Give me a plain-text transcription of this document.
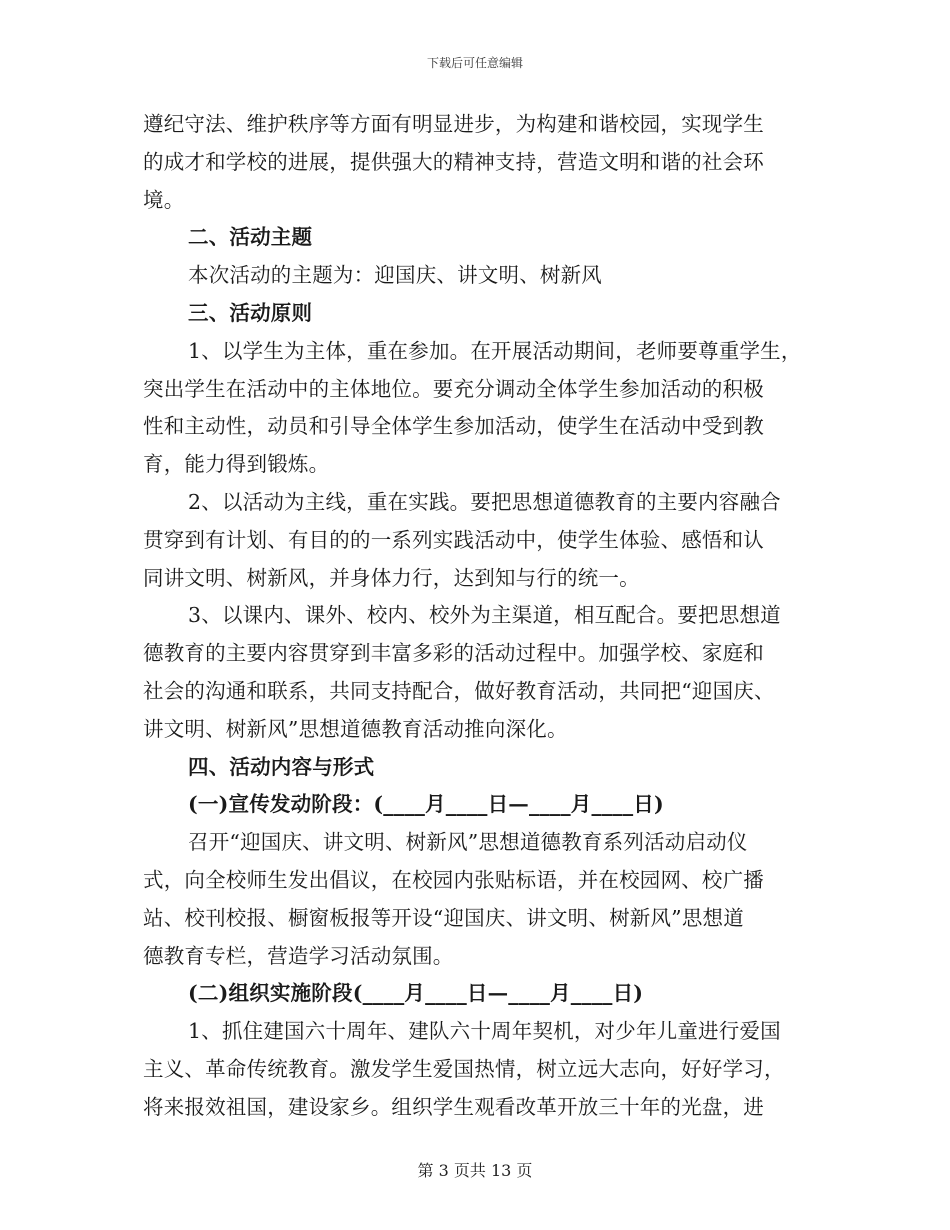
下载后可任意编辑
遵纪守法、维护秩序等方面有明显进步，为构建和谐校园，实现学生
的成才和学校的进展，提供强大的精神支持，营造文明和谐的社会环
境。
二、活动主题
本次活动的主题为：迎国庆、讲文明、树新风
三、活动原则
1、以学生为主体，重在参加。在开展活动期间，老师要尊重学生，
突出学生在活动中的主体地位。要充分调动全体学生参加活动的积极
性和主动性，动员和引导全体学生参加活动，使学生在活动中受到教
育，能力得到锻炼。
2、以活动为主线，重在实践。要把思想道德教育的主要内容融合
贯穿到有计划、有目的的一系列实践活动中，使学生体验、感悟和认
同讲文明、树新风，并身体力行，达到知与行的统一。
3、以课内、课外、校内、校外为主渠道，相互配合。要把思想道
德教育的主要内容贯穿到丰富多彩的活动过程中。加强学校、家庭和
社会的沟通和联系，共同支持配合，做好教育活动，共同把“迎国庆、
讲文明、树新风”思想道德教育活动推向深化。
四、活动内容与形式
(一)宣传发动阶段：(____月____日—____月____日)
召开“迎国庆、讲文明、树新风”思想道德教育系列活动启动仪
式，向全校师生发出倡议，在校园内张贴标语，并在校园网、校广播
站、校刊校报、橱窗板报等开设“迎国庆、讲文明、树新风”思想道
德教育专栏，营造学习活动氛围。
(二)组织实施阶段(____月____日—____月____日)
1、抓住建国六十周年、建队六十周年契机，对少年儿童进行爱国
主义、革命传统教育。激发学生爱国热情，树立远大志向，好好学习，
将来报效祖国，建设家乡。组织学生观看改革开放三十年的光盘，进
第 3 页共 13 页
